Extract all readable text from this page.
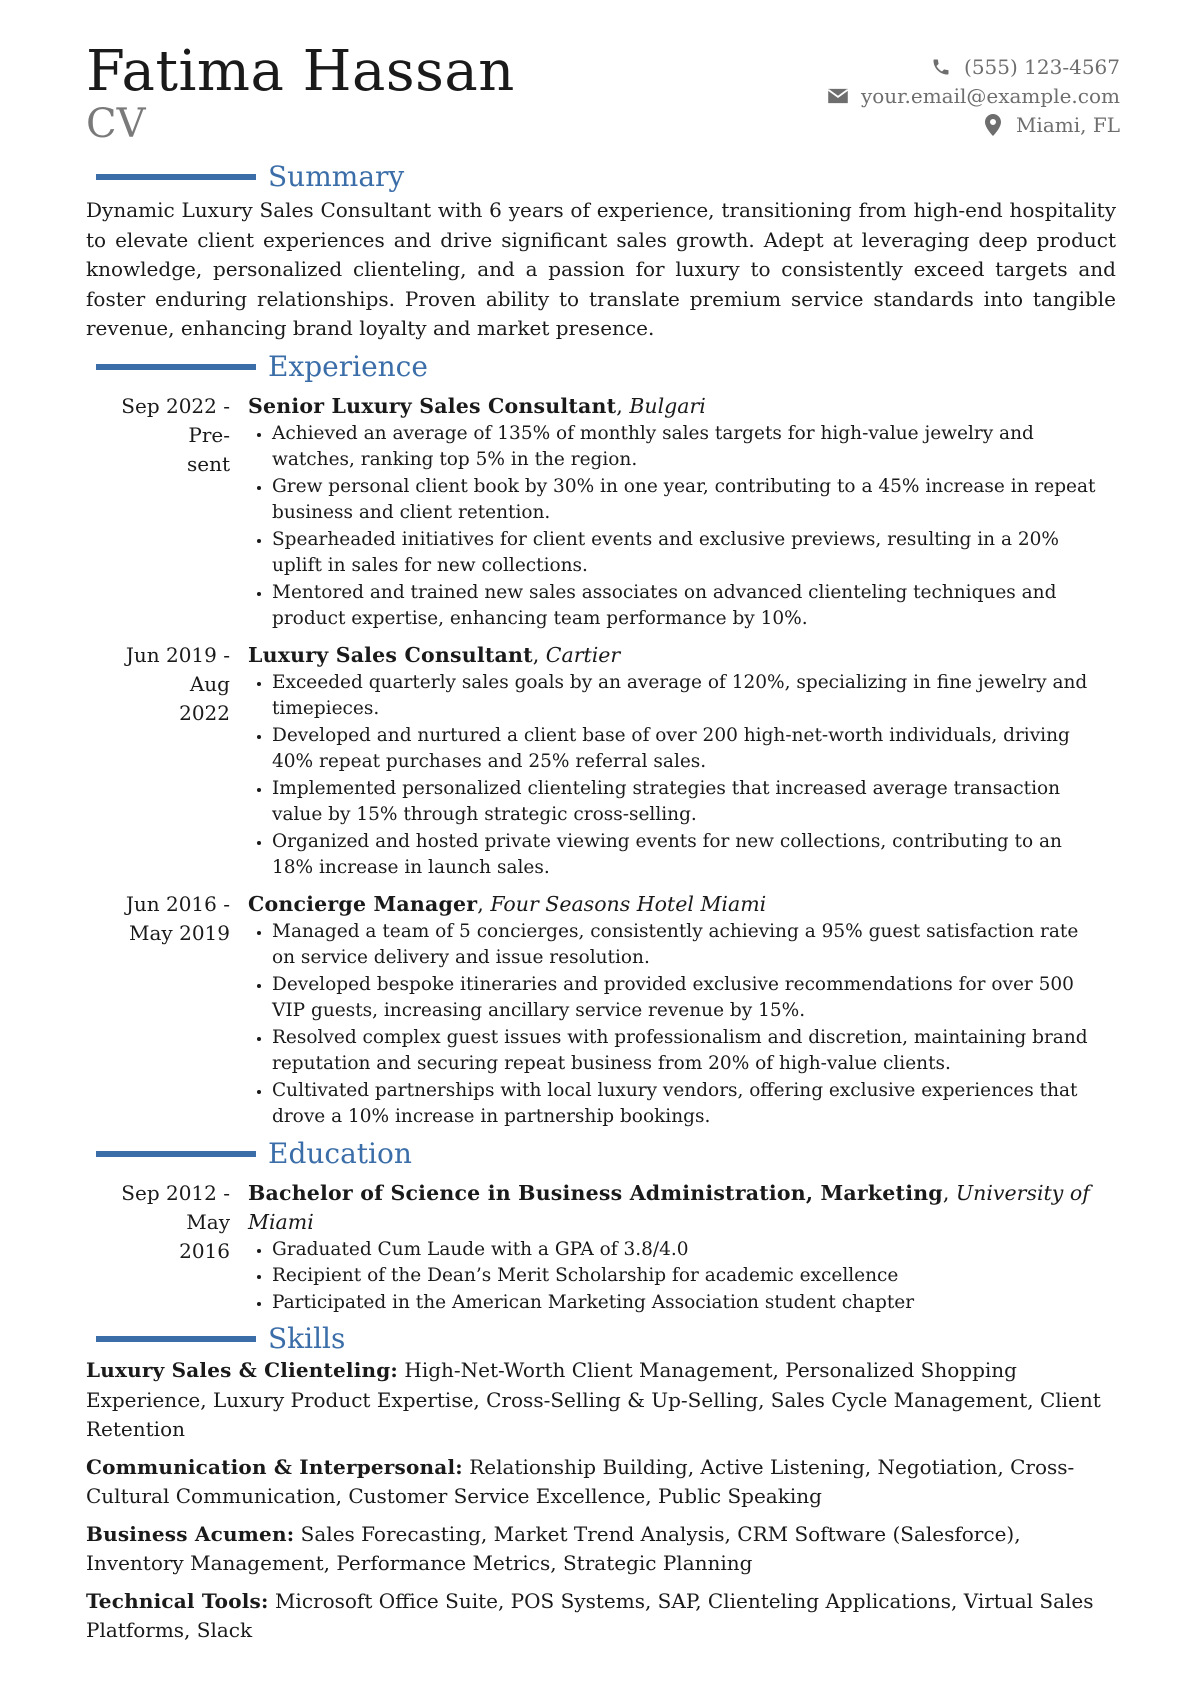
Fatima Hassan
CV
(555) 123-4567
your.email@example.com
Miami, FL
Summary

Dynamic Luxury Sales Consultant with 6 years of experience, transitioning from high-end hospitality to elevate client experiences and drive significant sales growth. Adept at leveraging deep product knowledge, personalized clienteling, and a passion for luxury to consistently exceed targets and foster enduring relationships. Proven ability to translate premium service standards into tangible revenue, enhancing brand loyalty and market presence.

Experience
Sep 2022 - Pre-
sent
Senior Luxury Sales Consultant, Bulgari
• Achieved an average of 135% of monthly sales targets for high-value jewelry and watches, ranking top 5% in the region.
• Grew personal client book by 30% in one year, contributing to a 45% increase in repeat business and client retention.
• Spearheaded initiatives for client events and exclusive previews, resulting in a 20% uplift in sales for new collections.
• Mentored and trained new sales associates on advanced clienteling techniques and product expertise, enhancing team performance by 10%.
Jun 2019 - Aug
2022
Luxury Sales Consultant, Cartier
• Exceeded quarterly sales goals by an average of 120%, specializing in fine jewelry and timepieces.
• Developed and nurtured a client base of over 200 high-net-worth individuals, driving 40% repeat purchases and 25% referral sales.
• Implemented personalized clienteling strategies that increased average transaction value by 15% through strategic cross-selling.
• Organized and hosted private viewing events for new collections, contributing to an 18% increase in launch sales.
Jun 2016 -
May 2019
Concierge Manager, Four Seasons Hotel Miami
• Managed a team of 5 concierges, consistently achieving a 95% guest satisfaction rate on service delivery and issue resolution.
• Developed bespoke itineraries and provided exclusive recommendations for over 500 VIP guests, increasing ancillary service revenue by 15%.
• Resolved complex guest issues with professionalism and discretion, maintaining brand reputation and securing repeat business from 20% of high-value clients.
• Cultivated partnerships with local luxury vendors, offering exclusive experiences that drove a 10% increase in partnership bookings.
Education
Sep 2012 - May
2016
Bachelor of Science in Business Administration, Marketing, University of Miami
• Graduated Cum Laude with a GPA of 3.8/4.0
• Recipient of the Dean’s Merit Scholarship for academic excellence
• Participated in the American Marketing Association student chapter
Skills

Luxury Sales & Clienteling: High-Net-Worth Client Management, Personalized Shopping Experience, Luxury Product Expertise, Cross-Selling & Up-Selling, Sales Cycle Management, Client Retention

Communication & Interpersonal: Relationship Building, Active Listening, Negotiation, Cross-Cultural Communication, Customer Service Excellence, Public Speaking

Business Acumen: Sales Forecasting, Market Trend Analysis, CRM Software (Salesforce), Inventory Management, Performance Metrics, Strategic Planning

Technical Tools: Microsoft Office Suite, POS Systems, SAP, Clienteling Applications, Virtual Sales Platforms, Slack
